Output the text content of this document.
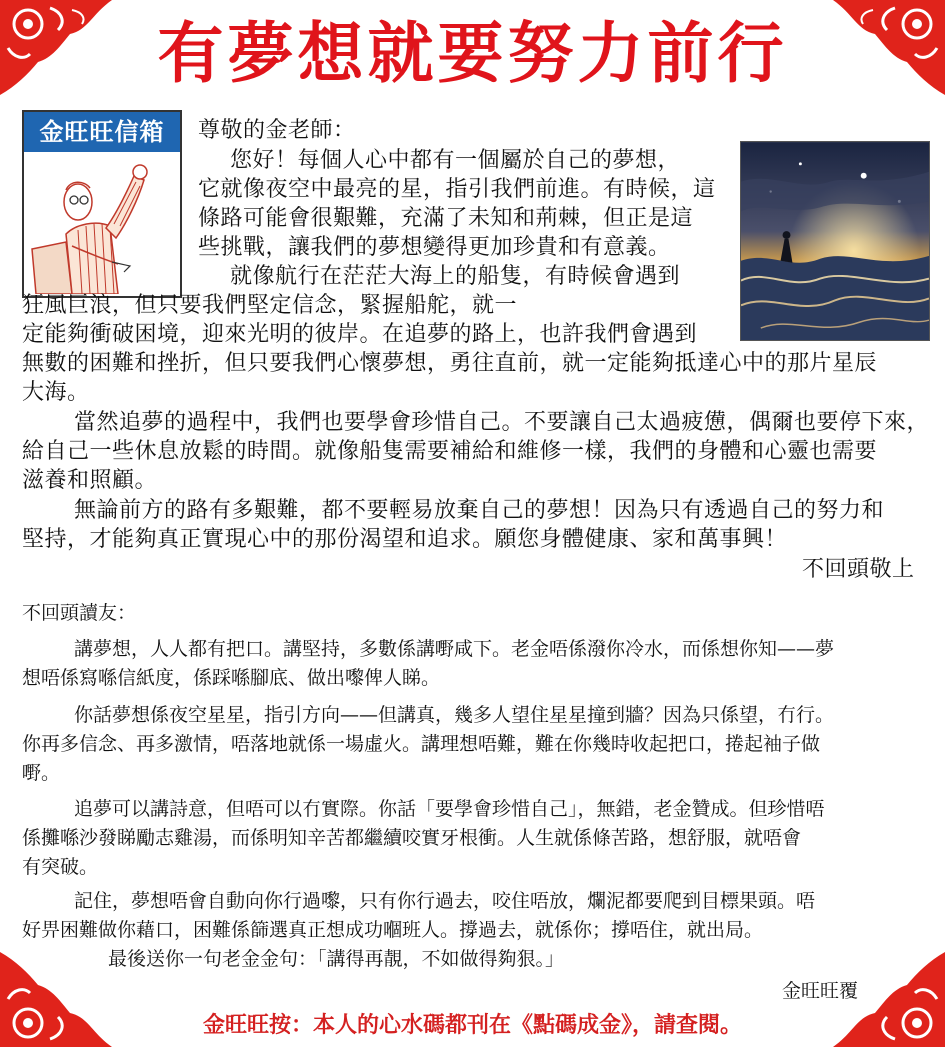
有夢想就要努力前行
金旺旺信箱	尊敬的金老師：
您好！每個人心中都有一個屬於自己的夢想，
它就像夜空中最亮的星，指引我們前進。有時候，這
條路可能會很艱難，充滿了未知和荊棘，但正是這
些挑戰，讓我們的夢想變得更加珍貴和有意義。
就像航行在茫茫大海上的船隻，有時候會遇到
狂風巨浪，但只要我們堅定信念，緊握船舵，就一
定能夠衝破困境，迎來光明的彼岸。在追夢的路上，也許我們會遇到
無數的困難和挫折，但只要我們心懷夢想，勇往直前，就一定能夠抵達心中的那片星辰
大海。
當然追夢的過程中，我們也要學會珍惜自己。不要讓自己太過疲憊，偶爾也要停下來，
給自己一些休息放鬆的時間。就像船隻需要補給和維修一樣，我們的身體和心靈也需要
滋養和照顧。
無論前方的路有多艱難，都不要輕易放棄自己的夢想！因為只有透過自己的努力和
堅持，才能夠真正實現心中的那份渴望和追求。願您身體健康、家和萬事興！
不回頭敬上
不回頭讀友：
講夢想，人人都有把口。講堅持，多數係講嘢咸下。老金唔係潑你冷水，而係想你知——夢
想唔係寫喺信紙度，係踩喺腳底、做出嚟俾人睇。
你話夢想係夜空星星，指引方向——但講真，幾多人望住星星撞到牆？因為只係望，冇行。
你再多信念、再多激情，唔落地就係一場虛火。講理想唔難，難在你幾時收起把口，捲起袖子做
嘢。
追夢可以講詩意，但唔可以冇實際。你話「要學會珍惜自己」，無錯，老金贊成。但珍惜唔
係攤喺沙發睇勵志雞湯，而係明知辛苦都繼續咬實牙根衝。人生就係條苦路，想舒服，就唔會
有突破。
記住，夢想唔會自動向你行過嚟，只有你行過去，咬住唔放，爛泥都要爬到目標果頭。唔
好畀困難做你藉口，困難係篩選真正想成功嗰班人。撐過去，就係你；撐唔住，就出局。
最後送你一句老金金句：「講得再靚，不如做得夠狠。」
金旺旺覆
金旺旺按：本人的心水碼都刊在《點碼成金》，請查閱。
